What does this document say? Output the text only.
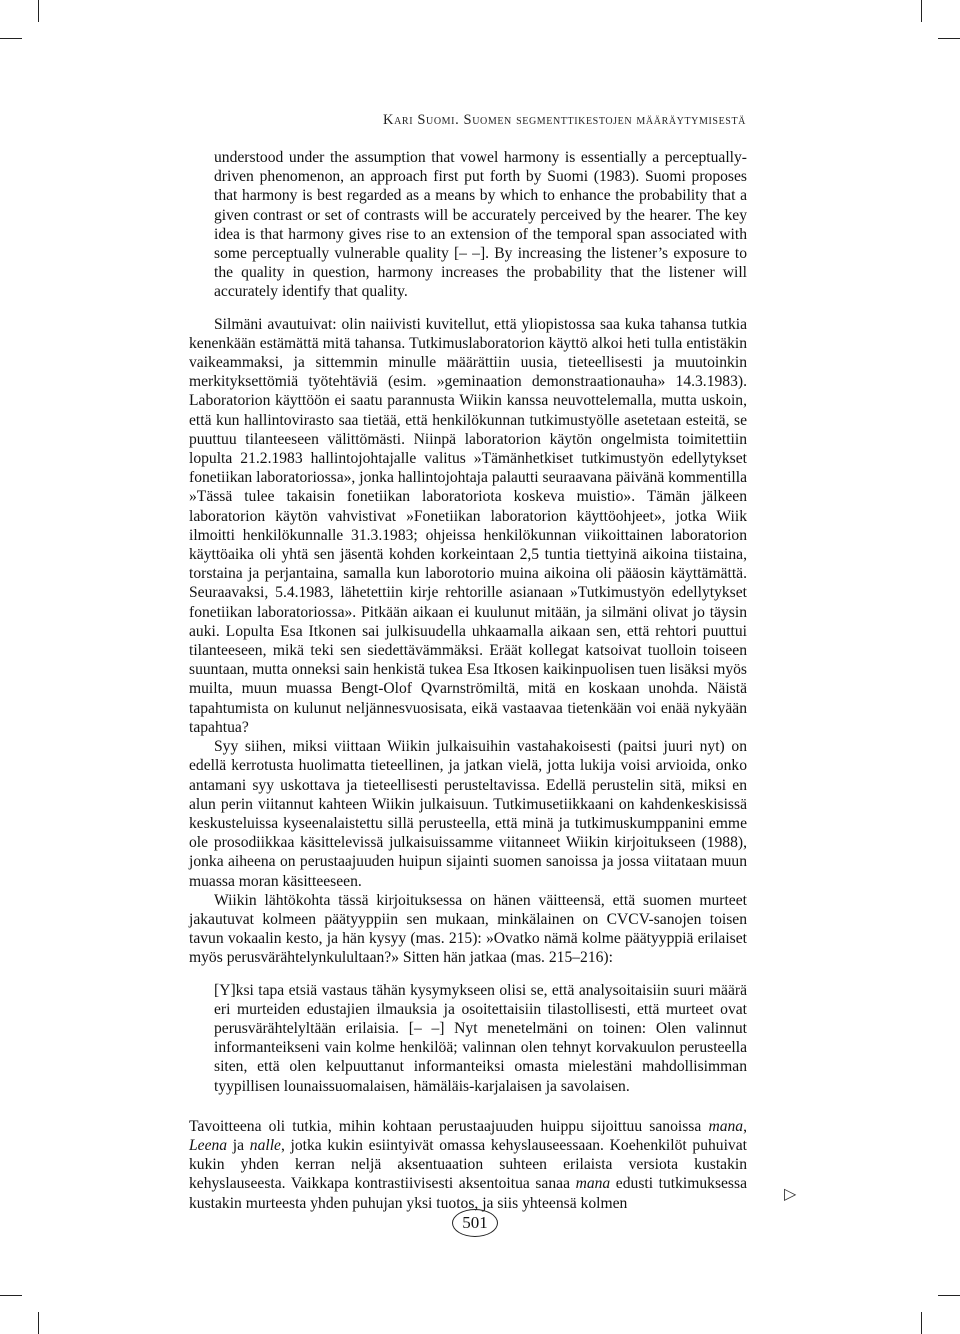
Kari Suomi. Suomen segmenttikestojen määräytymisestä

understood under the assumption that vowel harmony is essentially a perceptually-driven phenomenon, an approach first put forth by Suomi (1983). Suomi proposes that harmony is best regarded as a means by which to enhance the probability that a given contrast or set of contrasts will be accurately perceived by the hearer. The key idea is that harmony gives rise to an extension of the temporal span associated with some perceptually vulnerable quality [– –]. By increasing the listener’s exposure to the quality in question, harmony increases the probability that the listener will accurately identify that quality.

Silmäni avautuivat: olin naiivisti kuvitellut, että yliopistossa saa kuka tahansa tutkia kenenkään estämättä mitä tahansa. Tutkimuslaboratorion käyttö alkoi heti tulla entistäkin vaikeammaksi, ja sittemmin minulle määrättiin uusia, tieteellisesti ja muutoinkin merkityksettömiä työtehtäviä (esim. »geminaation demonstraationauha» 14.3.1983). Laboratorion käyttöön ei saatu parannusta Wiikin kanssa neuvottelemalla, mutta uskoin, että kun hallintovirasto saa tietää, että henkilökunnan tutkimustyölle asetetaan esteitä, se puuttuu tilanteeseen välittömästi. Niinpä laboratorion käytön ongelmista toimitettiin lopulta 21.2.1983 hallintojohtajalle valitus »Tämänhetkiset tutkimustyön edellytykset fonetiikan laboratoriossa», jonka hallintojohtaja palautti seuraavana päivänä kommentilla »Tässä tulee takaisin fonetiikan laboratoriota koskeva muistio». Tämän jälkeen laboratorion käytön vahvistivat »Fonetiikan laboratorion käyttöohjeet», jotka Wiik ilmoitti henkilökunnalle 31.3.1983; ohjeissa henkilökunnan viikoittainen laboratorion käyttöaika oli yhtä sen jäsentä kohden korkeintaan 2,5 tuntia tiettyinä aikoina tiistaina, torstaina ja perjantaina, samalla kun laborotorio muina aikoina oli pääosin käyttämättä. Seuraavaksi, 5.4.1983, lähetettiin kirje rehtorille asianaan »Tutkimustyön edellytykset fonetiikan laboratoriossa». Pitkään aikaan ei kuulunut mitään, ja silmäni olivat jo täysin auki. Lopulta Esa Itkonen sai julkisuudella uhkaamalla aikaan sen, että rehtori puuttui tilanteeseen, mikä teki sen siedettävämmäksi. Eräät kollegat katsoivat tuolloin toiseen suuntaan, mutta onneksi sain henkistä tukea Esa Itkosen kaikinpuolisen tuen lisäksi myös muilta, muun muassa Bengt-Olof Qvarnströmiltä, mitä en koskaan unohda. Näistä tapahtumista on kulunut neljännesvuosisata, eikä vastaavaa tietenkään voi enää nykyään tapahtua?

Syy siihen, miksi viittaan Wiikin julkaisuihin vastahakoisesti (paitsi juuri nyt) on edellä kerrotusta huolimatta tieteellinen, ja jatkan vielä, jotta lukija voisi arvioida, onko antamani syy uskottava ja tieteellisesti perusteltavissa. Edellä perustelin sitä, miksi en alun perin viitannut kahteen Wiikin julkaisuun. Tutkimusetiikkaani on kahdenkeskisissä keskusteluissa kyseenalaistettu sillä perusteella, että minä ja tutkimuskumppanini emme ole prosodiikkaa käsittelevissä julkaisuissamme viitanneet Wiikin kirjoitukseen (1988), jonka aiheena on perustaajuuden huipun sijainti suomen sanoissa ja jossa viitataan muun muassa moran käsitteeseen.

Wiikin lähtökohta tässä kirjoituksessa on hänen väitteensä, että suomen murteet jakautuvat kolmeen päätyyppiin sen mukaan, minkälainen on CVCV-sanojen toisen tavun vokaalin kesto, ja hän kysyy (mas. 215): »Ovatko nämä kolme päätyyppiä erilaiset myös perusvärähtelynkulultaan?» Sitten hän jatkaa (mas. 215–216):

[Y]ksi tapa etsiä vastaus tähän kysymykseen olisi se, että analysoitaisiin suuri määrä eri murteiden edustajien ilmauksia ja osoitettaisiin tilastollisesti, että murteet ovat perusvärähtelyltään erilaisia. [– –] Nyt menetelmäni on toinen: Olen valinnut informanteikseni vain kolme henkilöä; valinnan olen tehnyt korvakuulon perusteella siten, että olen kelpuuttanut informanteiksi omasta mielestäni mahdollisimman tyypillisen lounaissuomalaisen, hämäläis-karjalaisen ja savolaisen.

Tavoitteena oli tutkia, mihin kohtaan perustaajuuden huippu sijoittuu sanoissa mana, Leena ja nalle, jotka kukin esiintyivät omassa kehyslauseessaan. Koehenkilöt puhuivat kukin yhden kerran neljä aksentuaation suhteen erilaista versiota kustakin kehyslauseesta. Vaikkapa kontrastiivisesti aksentoitua sanaa mana edusti tutkimuksessa kustakin murteesta yhden puhujan yksi tuotos, ja siis yhteensä kolmen

▷
501
